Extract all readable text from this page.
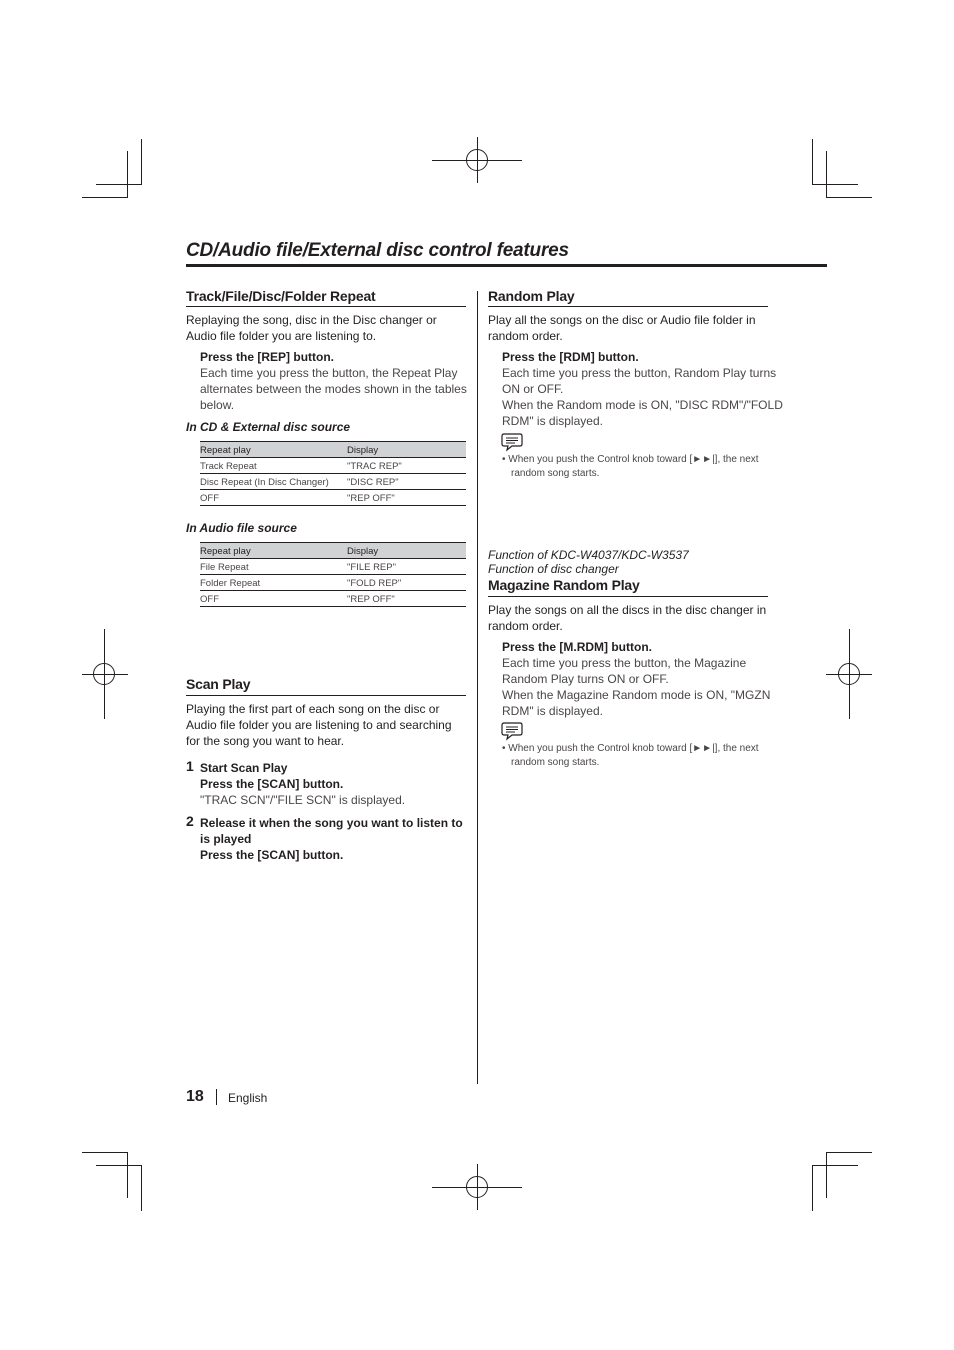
CD/Audio file/External disc control features
Track/File/Disc/Folder Repeat
Replaying the song, disc in the Disc changer or
Audio file folder you are listening to.
Press the [REP] button.
Each time you press the button, the Repeat Play
alternates between the modes shown in the tables
below.
In CD & External disc source
Repeat play	Display
Track Repeat	"TRAC REP"
Disc Repeat (In Disc Changer)	"DISC REP"
OFF	"REP OFF"
In Audio file source
Repeat play	Display
File Repeat	"FILE REP"
Folder Repeat	"FOLD REP"
OFF	"REP OFF"
Scan Play
Playing the first part of each song on the disc or
Audio file folder you are listening to and searching
for the song you want to hear.
1 Start Scan Play
Press the [SCAN] button.
"TRAC SCN"/"FILE SCN" is displayed.
2 Release it when the song you want to listen to
is played
Press the [SCAN] button.
Random Play
Play all the songs on the disc or Audio file folder in
random order.
Press the [RDM] button.
Each time you press the button, Random Play turns
ON or OFF.
When the Random mode is ON, "DISC RDM"/"FOLD
RDM" is displayed.
• When you push the Control knob toward [►►|], the next
random song starts.
Function of KDC-W4037/KDC-W3537
Function of disc changer
Magazine Random Play
Play the songs on all the discs in the disc changer in
random order.
Press the [M.RDM] button.
Each time you press the button, the Magazine
Random Play turns ON or OFF.
When the Magazine Random mode is ON, "MGZN
RDM" is displayed.
• When you push the Control knob toward [►►|], the next
random song starts.
18 English
